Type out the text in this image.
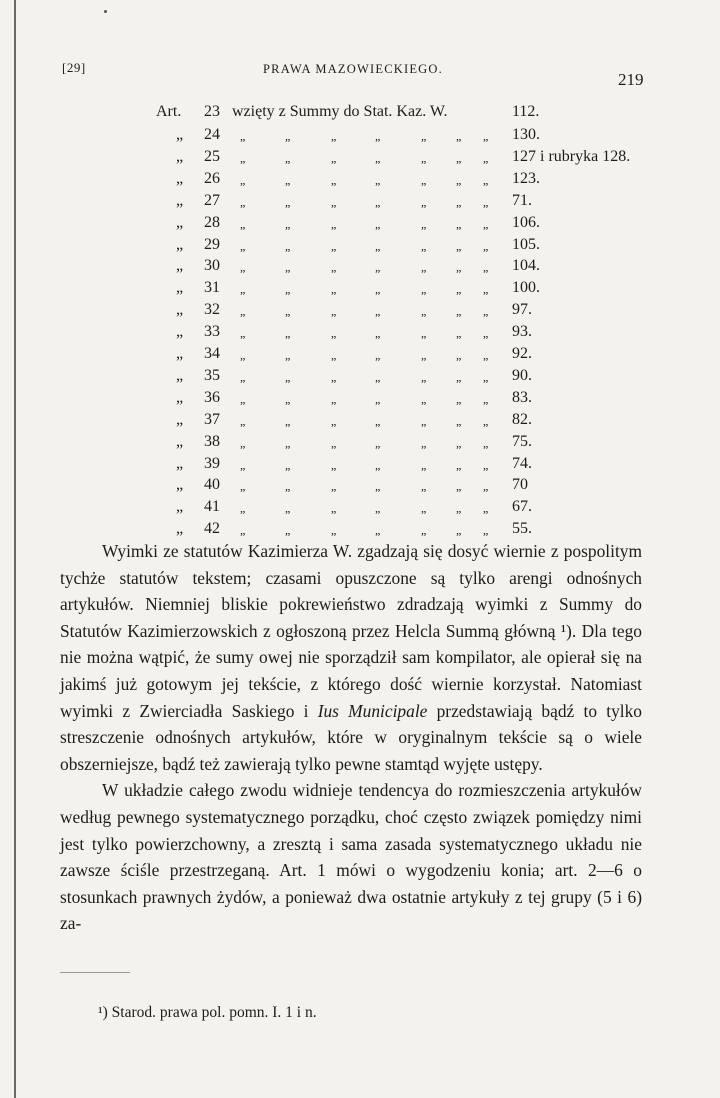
[29]	PRAWA MAZOWIECKIEGO.
219
Art. 23 wzięty z Summy do Stat. Kaz. W.	112.
„ 24 „	„	„	„	„ „ „ 130.
„ 25 „	„	„	„	„ „ „ 127 i rubryka 128.
„ 26 „	„	„	„	„ „ „ 123.
„ 27 „	„	„	„	„ „ „ 71.
„ 28 „	„	„	„	„ „ „ 106.
„ 29 „	„	„	„	„ „ „ 105.
„ 30 „	„	„	„	„ „ „ 104.
„ 31 „	„	„	„	„ „ „ 100.
„ 32 „	„	„	„	„ „ „ 97.
„ 33 „	„	„	„	„ „ „ 93.
„ 34 „	„	„	„	„ „ „ 92.
„ 35 „	„	„	„	„ „ „ 90.
„ 36 „	„	„	„	„ „ „ 83.
„ 37 „	„	„	„	„ „ „ 82.
„ 38 „	„	„	„	„ „ „ 75.
„ 39 „	„	„	„	„ „ „ 74.
„ 40 „	„	„	„	„ „ „ 70
„ 41 „	„	„	„	„ „ „ 67.
„ 42 „	„	„	„	„ „ „ 55.

Wyimki ze statutów Kazimierza W. zgadzają się dosyć wiernie z pospolitym tychże statutów tekstem; czasami opuszczone są tylko arengi odnośnych artykułów. Niemniej bliskie pokrewieństwo zdradzają wyimki z Summy do Statutów Kazimierzowskich z ogłoszoną przez Helcla Summą główną ¹). Dla tego nie można wątpić, że sumy owej nie sporządził sam kompilator, ale opierał się na jakimś już gotowym jej tekście, z którego dość wiernie korzystał. Natomiast wyimki z Zwierciadła Saskiego i Ius Municipale przedstawiają bądź to tylko streszczenie odnośnych artykułów, które w oryginalnym tekście są o wiele obszerniejsze, bądź też zawierają tylko pewne stamtąd wyjęte ustępy.

W układzie całego zwodu widnieje tendencya do rozmieszczenia artykułów według pewnego systematycznego porządku, choć często związek pomiędzy nimi jest tylko powierzchowny, a zresztą i sama zasada systematycznego układu nie zawsze ściśle przestrzeganą. Art. 1 mówi o wygodzeniu konia; art. 2—6 o stosunkach prawnych żydów, a ponieważ dwa ostatnie artykuły z tej grupy (5 i 6) za-

¹) Starod. prawa pol. pomn. I. 1 i n.
